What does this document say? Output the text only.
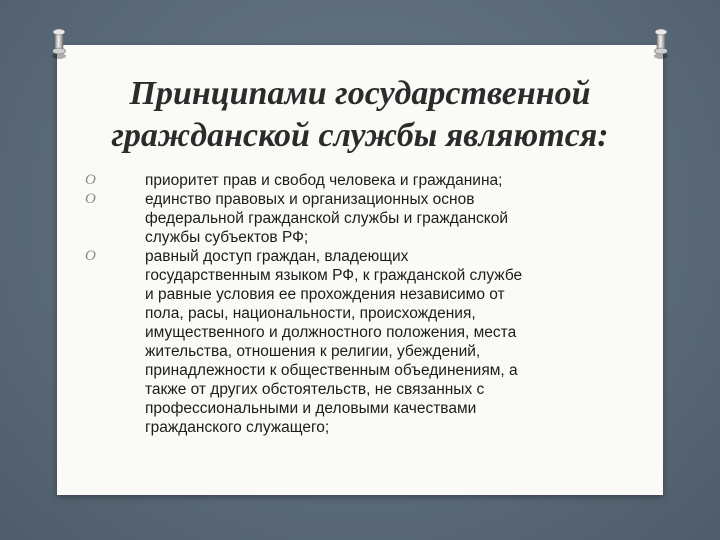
Принципами государственной
гражданской службы являются:
O	приоритет прав и свобод человека и гражданина;
O	единство правовых и организационных основ
федеральной гражданской службы и гражданской
службы субъектов РФ;
O	равный доступ граждан, владеющих
государственным языком РФ, к гражданской службе
и равные условия ее прохождения независимо от
пола, расы, национальности, происхождения,
имущественного и должностного положения, места
жительства, отношения к религии, убеждений,
принадлежности к общественным объединениям, а
также от других обстоятельств, не связанных с
профессиональными и деловыми качествами
гражданского служащего;
